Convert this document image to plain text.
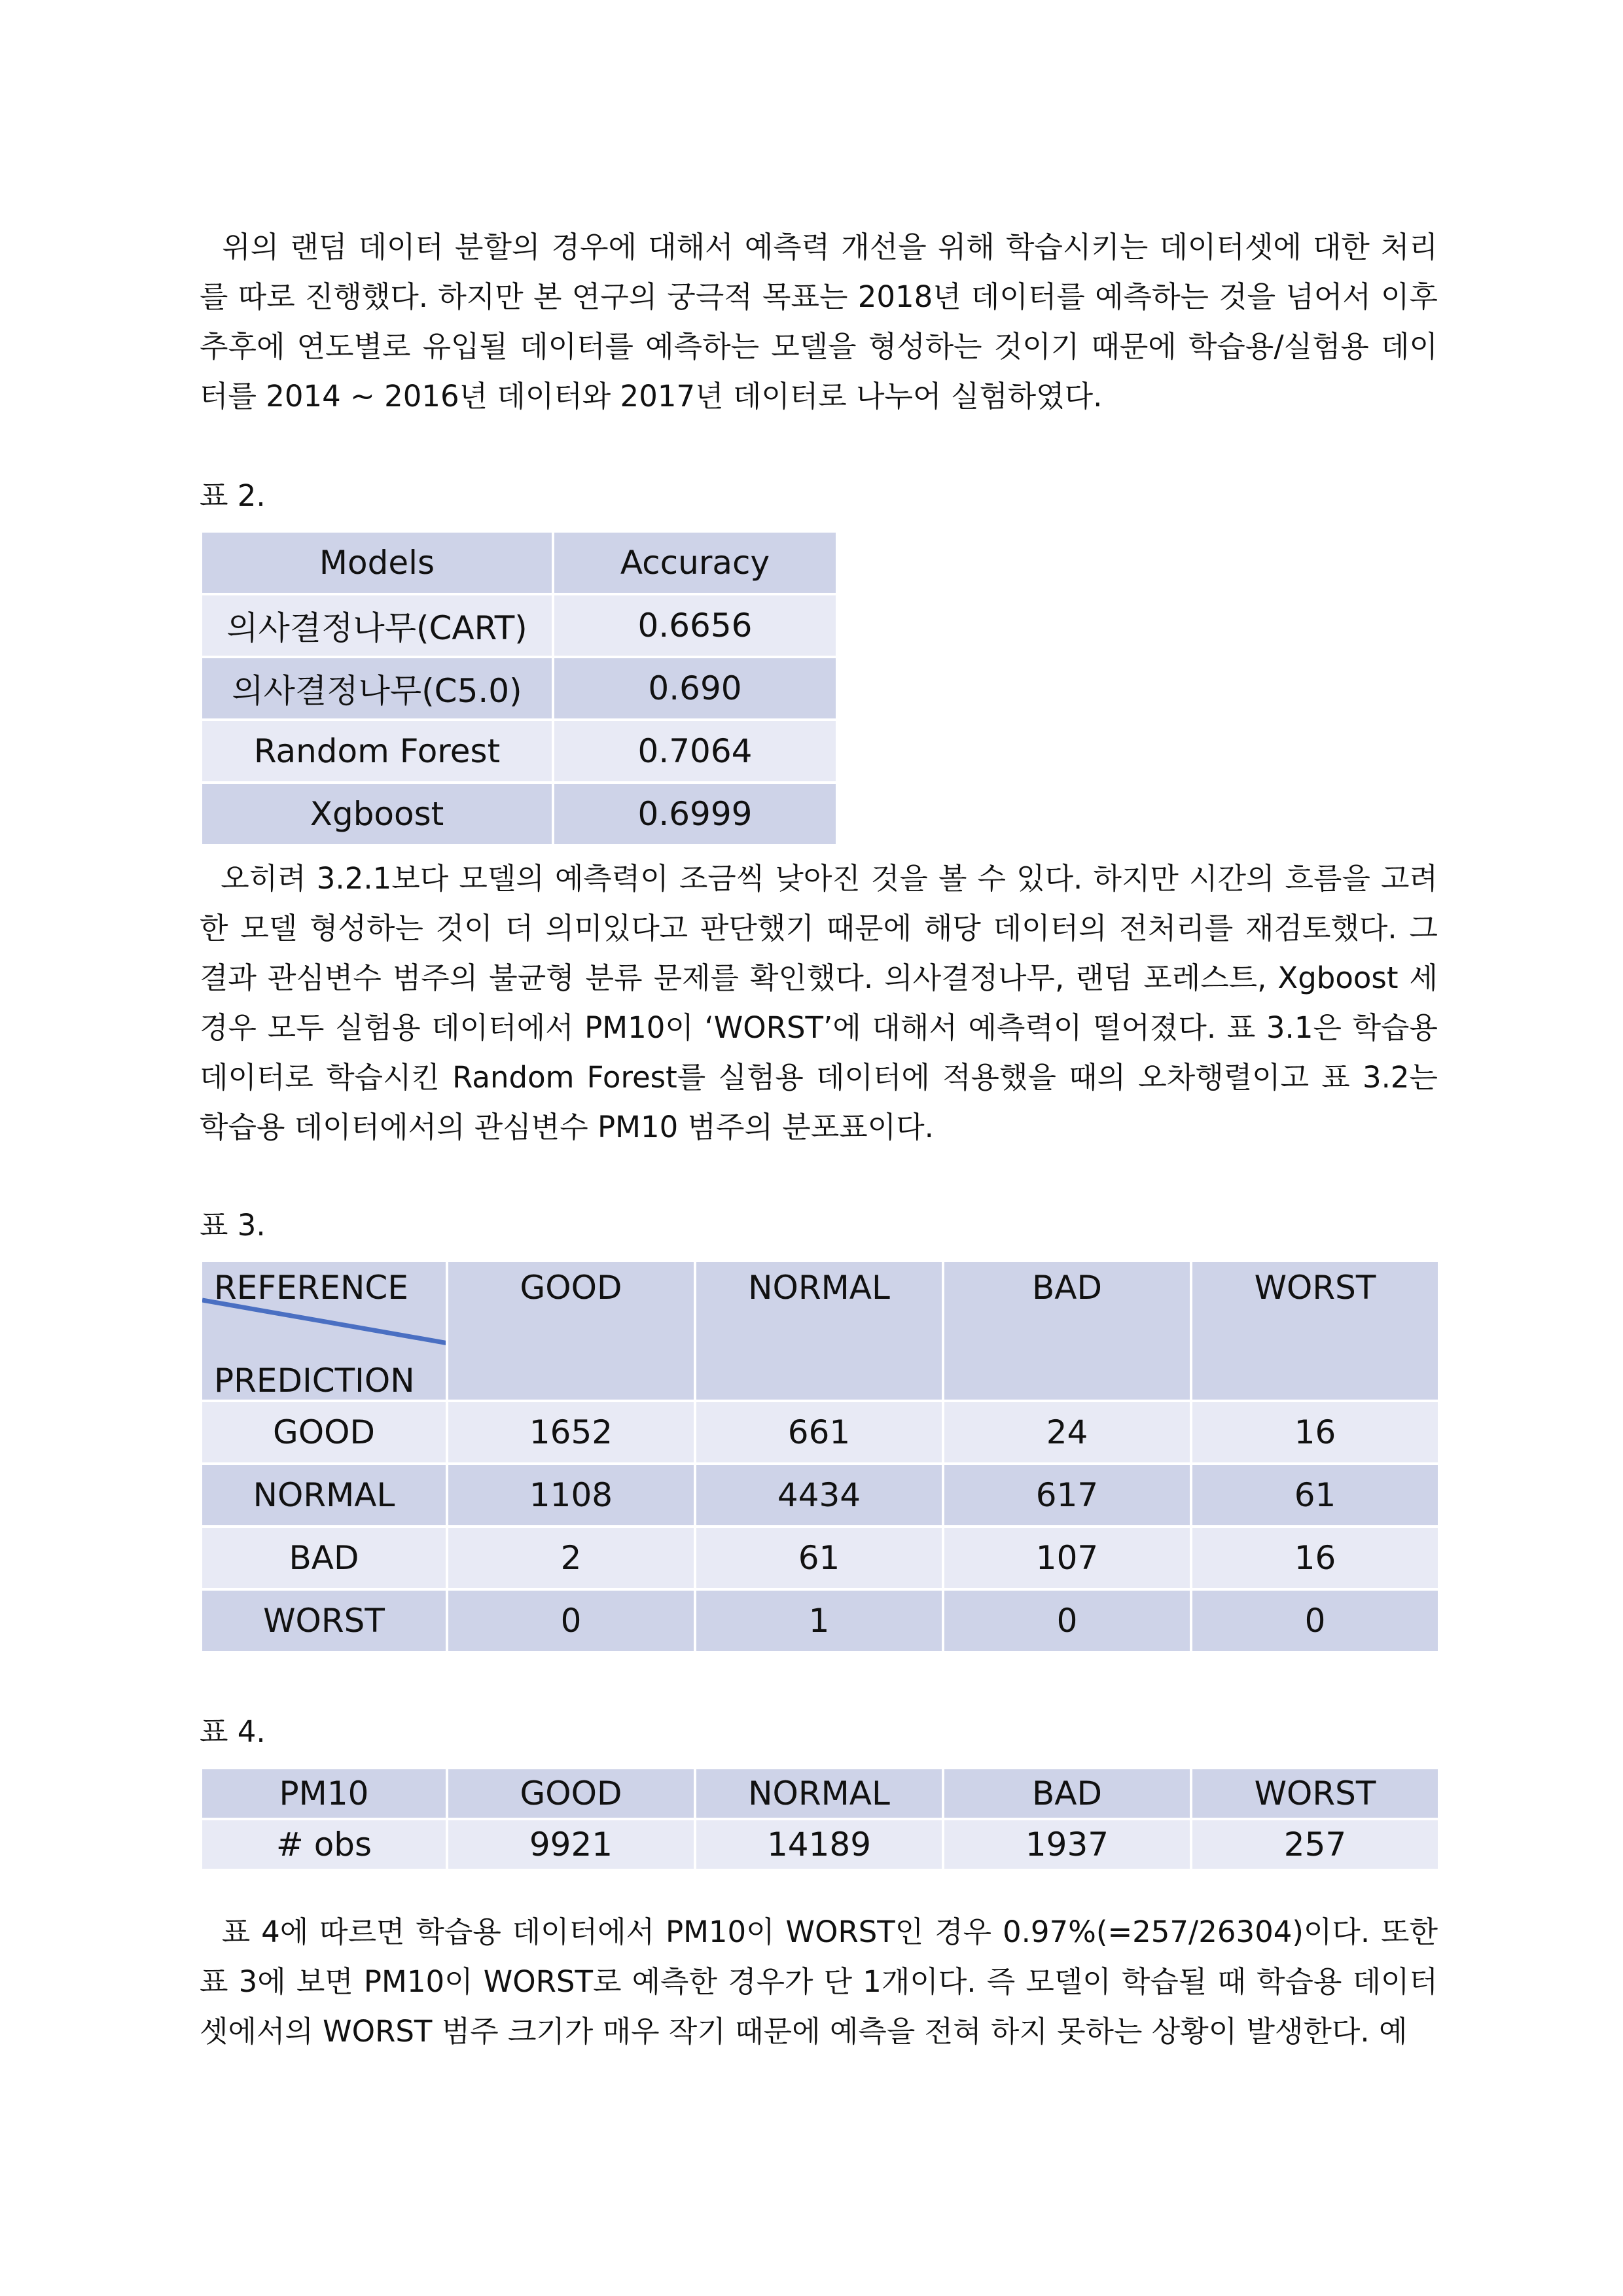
위의 랜덤 데이터 분할의 경우에 대해서 예측력 개선을 위해 학습시키는 데이터셋에 대한 처리를 따로 진행했다. 하지만 본 연구의 궁극적 목표는 2018년 데이터를 예측하는 것을 넘어서 이후 추후에 연도별로 유입될 데이터를 예측하는 모델을 형성하는 것이기 때문에 학습용/실험용 데이터를 2014 ~ 2016년 데이터와 2017년 데이터로 나누어 실험하였다.

표 2.

Models	Accuracy
의사결정나무(CART)	0.6656
의사결정나무(C5.0)	0.690
Random Forest	0.7064
Xgboost	0.6999

오히려 3.2.1보다 모델의 예측력이 조금씩 낮아진 것을 볼 수 있다. 하지만 시간의 흐름을 고려한 모델 형성하는 것이 더 의미있다고 판단했기 때문에 해당 데이터의 전처리를 재검토했다. 그 결과 관심변수 범주의 불균형 분류 문제를 확인했다. 의사결정나무, 랜덤 포레스트, Xgboost 세 경우 모두 실험용 데이터에서 PM10이 ‘WORST’에 대해서 예측력이 떨어졌다. 표 3.1은 학습용 데이터로 학습시킨 Random Forest를 실험용 데이터에 적용했을 때의 오차행렬이고 표 3.2는 학습용 데이터에서의 관심변수 PM10 범주의 분포표이다.

표 3.

REFERENCE
PREDICTION	GOOD	NORMAL	BAD	WORST
GOOD	1652	661	24	16
NORMAL	1108	4434	617	61
BAD	2	61	107	16
WORST	0	1	0	0

표 4.

PM10	GOOD	NORMAL	BAD	WORST
# obs	9921	14189	1937	257

표 4에 따르면 학습용 데이터에서 PM10이 WORST인 경우 0.97%(=257/26304)이다. 또한 표 3에 보면 PM10이 WORST로 예측한 경우가 단 1개이다. 즉 모델이 학습될 때 학습용 데이터셋에서의 WORST 범주 크기가 매우 작기 때문에 예측을 전혀 하지 못하는 상황이 발생한다. 예
